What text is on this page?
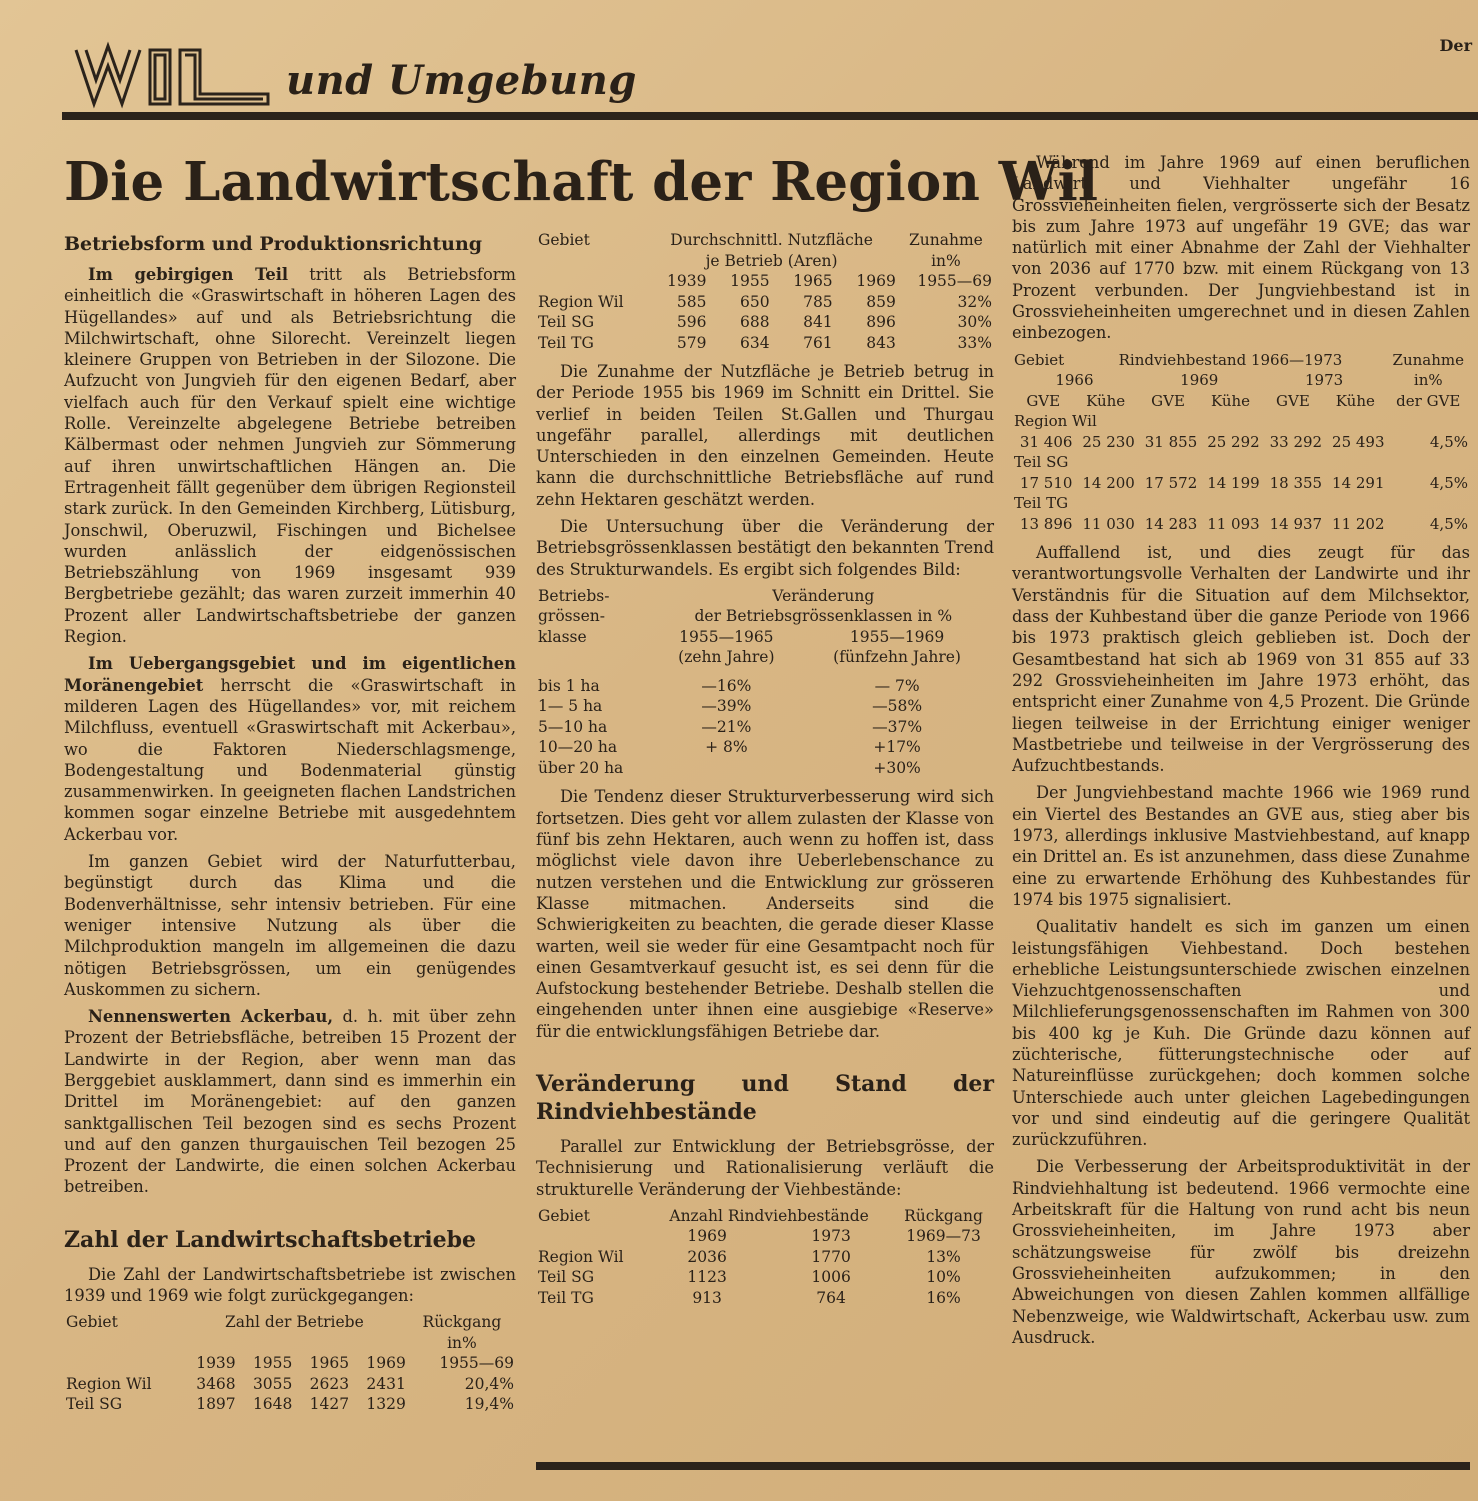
Der
WIL
und Umgebung
Die Landwirtschaft der Region Wil
Betriebsform und Produktionsrichtung

Im gebirgigen Teil tritt als Betriebsform einheitlich die «Graswirtschaft in höheren Lagen des Hügellandes» auf und als Betriebsrichtung die Milchwirtschaft, ohne Silorecht. Vereinzelt liegen kleinere Gruppen von Betrieben in der Silozone. Die Aufzucht von Jungvieh für den eigenen Bedarf, aber vielfach auch für den Verkauf spielt eine wichtige Rolle. Vereinzelte abgelegene Betriebe betreiben Kälbermast oder nehmen Jungvieh zur Sömmerung auf ihren unwirtschaftlichen Hängen an. Die Ertragenheit fällt gegenüber dem übrigen Regionsteil stark zurück. In den Gemeinden Kirchberg, Lütisburg, Jonschwil, Oberuzwil, Fischingen und Bichelsee wurden anlässlich der eidgenössischen Betriebszählung von 1969 insgesamt 939 Bergbetriebe gezählt; das waren zurzeit immerhin 40 Prozent aller Landwirtschaftsbetriebe der ganzen Region.

Im Uebergangsgebiet und im eigentlichen Moränengebiet herrscht die «Graswirtschaft in milderen Lagen des Hügellandes» vor, mit reichem Milchfluss, eventuell «Graswirtschaft mit Ackerbau», wo die Faktoren Niederschlagsmenge, Bodengestaltung und Bodenmaterial günstig zusammenwirken. In geeigneten flachen Landstrichen kommen sogar einzelne Betriebe mit ausgedehntem Ackerbau vor.

Im ganzen Gebiet wird der Naturfutterbau, begünstigt durch das Klima und die Bodenverhältnisse, sehr intensiv betrieben. Für eine weniger intensive Nutzung als über die Milchproduktion mangeln im allgemeinen die dazu nötigen Betriebsgrössen, um ein genügendes Auskommen zu sichern.

Nennenswerten Ackerbau, d. h. mit über zehn Prozent der Betriebsfläche, betreiben 15 Prozent der Landwirte in der Region, aber wenn man das Berggebiet ausklammert, dann sind es immerhin ein Drittel im Moränengebiet: auf den ganzen sanktgallischen Teil bezogen sind es sechs Prozent und auf den ganzen thurgauischen Teil bezogen 25 Prozent der Landwirte, die einen solchen Ackerbau betreiben.

Zahl der Landwirtschaftsbetriebe

Die Zahl der Landwirtschaftsbetriebe ist zwischen 1939 und 1969 wie folgt zurückgegangen:

Gebiet	Zahl der Betriebe				Rückgang
					in%
	1939	1955	1965	1969	1955—69
Region Wil	3468	3055	2623	2431	20,4%
Teil SG	1897	1648	1427	1329	19,4%
Gebiet	Durchschnittl. Nutzfläche				Zunahme
	je Betrieb (Aren)				in%
	1939	1955	1965	1969	1955—69
Region Wil	585	650	785	859	32%
Teil SG	596	688	841	896	30%
Teil TG	579	634	761	843	33%

Die Zunahme der Nutzfläche je Betrieb betrug in der Periode 1955 bis 1969 im Schnitt ein Drittel. Sie verlief in beiden Teilen St.Gallen und Thurgau ungefähr parallel, allerdings mit deutlichen Unterschieden in den einzelnen Gemeinden. Heute kann die durchschnittliche Betriebsfläche auf rund zehn Hektaren geschätzt werden.

Die Untersuchung über die Veränderung der Betriebsgrössenklassen bestätigt den bekannten Trend des Strukturwandels. Es ergibt sich folgendes Bild:

Betriebs-	Veränderung	
grössen-	der Betriebsgrössenklassen in %	
klasse	1955—1965	1955—1969
	(zehn Jahre)	(fünfzehn Jahre)

bis 1 ha	—16%	— 7%
1— 5 ha	—39%	—58%
5—10 ha	—21%	—37%
10—20 ha	+ 8%	+17%
über 20 ha		+30%

Die Tendenz dieser Strukturverbesserung wird sich fortsetzen. Dies geht vor allem zulasten der Klasse von fünf bis zehn Hektaren, auch wenn zu hoffen ist, dass möglichst viele davon ihre Ueberlebenschance zu nutzen verstehen und die Entwicklung zur grösseren Klasse mitmachen. Anderseits sind die Schwierigkeiten zu beachten, die gerade dieser Klasse warten, weil sie weder für eine Gesamtpacht noch für einen Gesamtverkauf gesucht ist, es sei denn für die Aufstockung bestehender Betriebe. Deshalb stellen die eingehenden unter ihnen eine ausgiebige «Reserve» für die entwicklungsfähigen Betriebe dar.

Veränderung und Stand der Rindviehbestände

Parallel zur Entwicklung der Betriebsgrösse, der Technisierung und Rationalisierung verläuft die strukturelle Veränderung der Viehbestände:

Gebiet	Anzahl Rindviehbestände		Rückgang
	1969	1973	1969—73
Region Wil	2036	1770	13%
Teil SG	1123	1006	10%
Teil TG	913	764	16%

Während im Jahre 1969 auf einen beruflichen Landwirt und Viehhalter ungefähr 16 Grossvieheinheiten fielen, vergrösserte sich der Besatz bis zum Jahre 1973 auf ungefähr 19 GVE; das war natürlich mit einer Abnahme der Zahl der Viehhalter von 2036 auf 1770 bzw. mit einem Rückgang von 13 Prozent verbunden. Der Jungviehbestand ist in Grossvieheinheiten umgerechnet und in diesen Zahlen einbezogen.

Gebiet	Rindviehbestand 1966—1973					Zunahme
1966		1969		1973		in%
GVE	Kühe	GVE	Kühe	GVE	Kühe	der GVE
Region Wil						
31 406	25 230	31 855	25 292	33 292	25 493	4,5%
Teil SG						
17 510	14 200	17 572	14 199	18 355	14 291	4,5%
Teil TG						
13 896	11 030	14 283	11 093	14 937	11 202	4,5%

Auffallend ist, und dies zeugt für das verantwortungsvolle Verhalten der Landwirte und ihr Verständnis für die Situation auf dem Milchsektor, dass der Kuhbestand über die ganze Periode von 1966 bis 1973 praktisch gleich geblieben ist. Doch der Gesamtbestand hat sich ab 1969 von 31 855 auf 33 292 Grossvieheinheiten im Jahre 1973 erhöht, das entspricht einer Zunahme von 4,5 Prozent. Die Gründe liegen teilweise in der Errichtung einiger weniger Mastbetriebe und teilweise in der Vergrösserung des Aufzuchtbestands.

Der Jungviehbestand machte 1966 wie 1969 rund ein Viertel des Bestandes an GVE aus, stieg aber bis 1973, allerdings inklusive Mastviehbestand, auf knapp ein Drittel an. Es ist anzunehmen, dass diese Zunahme eine zu erwartende Erhöhung des Kuhbestandes für 1974 bis 1975 signalisiert.

Qualitativ handelt es sich im ganzen um einen leistungsfähigen Viehbestand. Doch bestehen erhebliche Leistungsunterschiede zwischen einzelnen Viehzuchtgenossenschaften und Milchlieferungsgenossenschaften im Rahmen von 300 bis 400 kg je Kuh. Die Gründe dazu können auf züchterische, fütterungstechnische oder auf Natureinflüsse zurückgehen; doch kommen solche Unterschiede auch unter gleichen Lagebedingungen vor und sind eindeutig auf die geringere Qualität zurückzuführen.

Die Verbesserung der Arbeitsproduktivität in der Rindviehhaltung ist bedeutend. 1966 vermochte eine Arbeitskraft für die Haltung von rund acht bis neun Grossvieheinheiten, im Jahre 1973 aber schätzungsweise für zwölf bis dreizehn Grossvieheinheiten aufzukommen; in den Abweichungen von diesen Zahlen kommen allfällige Nebenzweige, wie Waldwirtschaft, Ackerbau usw. zum Ausdruck.
